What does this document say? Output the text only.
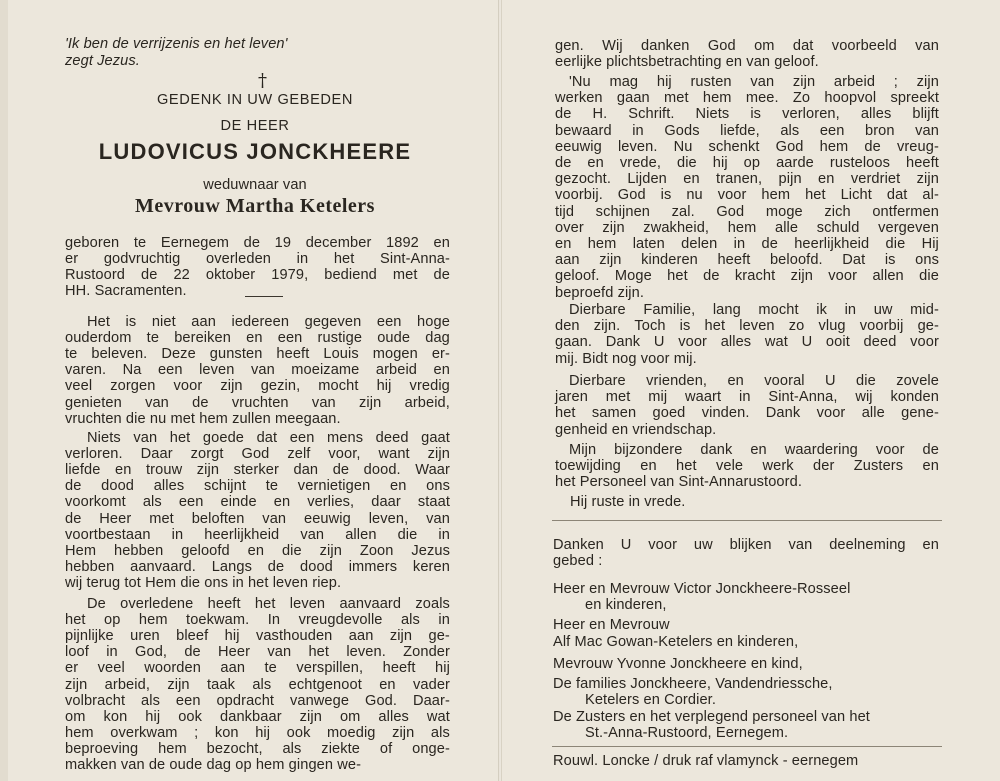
'Ik ben de verrijzenis en het leven'
zegt Jezus.
†
GEDENK IN UW GEBEDEN
DE HEER
LUDOVICUS JONCKHEERE
weduwnaar van
Mevrouw Martha Ketelers
geboren te Eernegem de 19 december 1892 en
er godvruchtig overleden in het Sint-Anna-
Rustoord de 22 oktober 1979, bediend met de
HH. Sacramenten.
Het is niet aan iedereen gegeven een hoge
ouderdom te bereiken en een rustige oude dag
te beleven. Deze gunsten heeft Louis mogen er-
varen. Na een leven van moeizame arbeid en
veel zorgen voor zijn gezin, mocht hij vredig
genieten van de vruchten van zijn arbeid,
vruchten die nu met hem zullen meegaan.
Niets van het goede dat een mens deed gaat
verloren. Daar zorgt God zelf voor, want zijn
liefde en trouw zijn sterker dan de dood. Waar
de dood alles schijnt te vernietigen en ons
voorkomt als een einde en verlies, daar staat
de Heer met beloften van eeuwig leven, van
voortbestaan in heerlijkheid van allen die in
Hem hebben geloofd en die zijn Zoon Jezus
hebben aanvaard. Langs de dood immers keren
wij terug tot Hem die ons in het leven riep.
De overledene heeft het leven aanvaard zoals
het op hem toekwam. In vreugdevolle als in
pijnlijke uren bleef hij vasthouden aan zijn ge-
loof in God, de Heer van het leven. Zonder
er veel woorden aan te verspillen, heeft hij
zijn arbeid, zijn taak als echtgenoot en vader
volbracht als een opdracht vanwege God. Daar-
om kon hij ook dankbaar zijn om alles wat
hem overkwam ; kon hij ook moedig zijn als
beproeving hem bezocht, als ziekte of onge-
makken van de oude dag op hem gingen we-
gen. Wij danken God om dat voorbeeld van
eerlijke plichtsbetrachting en van geloof.
'Nu mag hij rusten van zijn arbeid ; zijn
werken gaan met hem mee. Zo hoopvol spreekt
de H. Schrift. Niets is verloren, alles blijft
bewaard in Gods liefde, als een bron van
eeuwig leven. Nu schenkt God hem de vreug-
de en vrede, die hij op aarde rusteloos heeft
gezocht. Lijden en tranen, pijn en verdriet zijn
voorbij. God is nu voor hem het Licht dat al-
tijd schijnen zal. God moge zich ontfermen
over zijn zwakheid, hem alle schuld vergeven
en hem laten delen in de heerlijkheid die Hij
aan zijn kinderen heeft beloofd. Dat is ons
geloof. Moge het de kracht zijn voor allen die
beproefd zijn.
Dierbare Familie, lang mocht ik in uw mid-
den zijn. Toch is het leven zo vlug voorbij ge-
gaan. Dank U voor alles wat U ooit deed voor
mij. Bidt nog voor mij.
Dierbare vrienden, en vooral U die zovele
jaren met mij waart in Sint-Anna, wij konden
het samen goed vinden. Dank voor alle gene-
genheid en vriendschap.
Mijn bijzondere dank en waardering voor de
toewijding en het vele werk der Zusters en
het Personeel van Sint-Annarustoord.
Hij ruste in vrede.
Danken U voor uw blijken van deelneming en
gebed :
Heer en Mevrouw Victor Jonckheere-Rosseel
en kinderen,
Heer en Mevrouw
Alf Mac Gowan-Ketelers en kinderen,
Mevrouw Yvonne Jonckheere en kind,
De families Jonckheere, Vandendriessche,
Ketelers en Cordier.
De Zusters en het verplegend personeel van het
St.-Anna-Rustoord, Eernegem.
Rouwl. Loncke / druk raf vlamynck - eernegem
